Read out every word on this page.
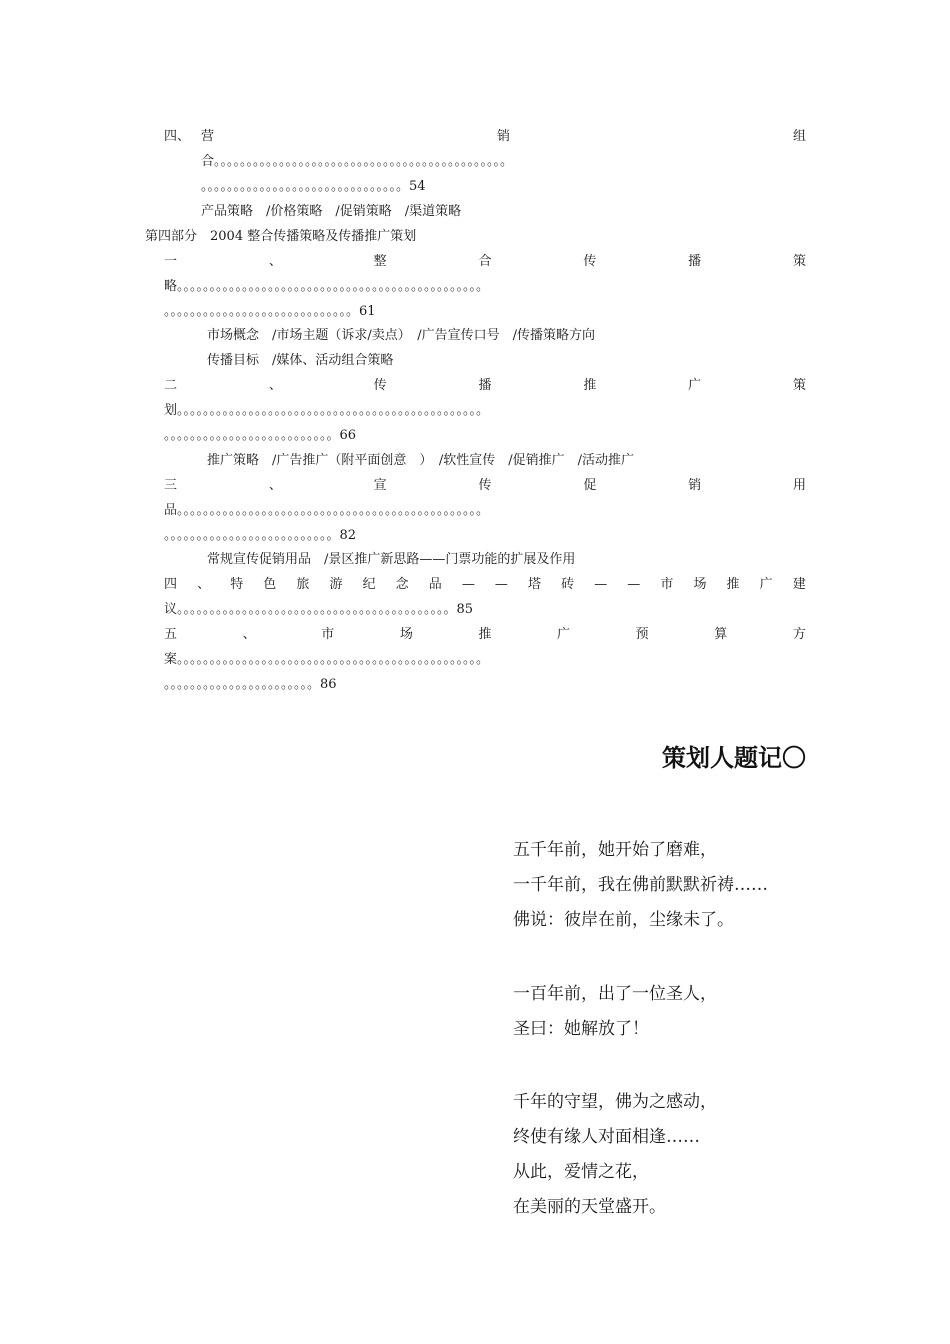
四、 营	销	组
合。。。。。。。。。。。。。。。。。。。。。。。。。。。。。。。。。。。。。。。。。。。。。
。。。。。。。。。。。。。。。。。。。。。。。。。。。。。。。54
产品策略　/价格策略　/促销策略　/渠道策略
第四部分　2004 整合传播策略及传播推广策划
一	、	整	合	传	播	策
略。。。。。。。。。。。。。。。。。。。。。。。。。。。。。。。。。。。。。。。。。。。。。。。
。。。。。。。。。。。。。。。。。。。。。。。。。。。。。61
市场概念　/市场主题（诉求/卖点）　/广告宣传口号　/传播策略方向
传播目标　/媒体、活动组合策略
二	、	传	播	推	广	策
划。。。。。。。。。。。。。。。。。。。。。。。。。。。。。。。。。。。。。。。。。。。。。。。
。。。。。。。。。。。。。。。。。。。。。。。。。。66
推广策略　/广告推广（附平面创意　）　/软性宣传　/促销推广　/活动推广
三	、	宣	传	促	销	用
品。。。。。。。。。。。。。。。。。。。。。。。。。。。。。。。。。。。。。。。。。。。。。。。
。。。。。。。。。。。。。。。。。。。。。。。。。。82
常规宣传促销用品　/景区推广新思路——门票功能的扩展及作用
四 、 特 色 旅 游 纪 念 品 — — 塔 砖 — — 市 场 推 广 建
议。。。。。。。。。。。。。。。。。。。。。。。。。。。。。。。。。。。。。。。。。。85
五	、	市	场	推	广	预	算	方
案。。。。。。。。。。。。。。。。。。。。。。。。。。。。。。。。。。。。。。。。。。。。。。。
。。。。。。。。。。。。。。。。。。。。。。。86
策划人题记〇
五千年前，她开始了磨难，
一千年前，我在佛前默默祈祷……
佛说：彼岸在前，尘缘未了。
一百年前，出了一位圣人，
圣曰：她解放了！
千年的守望，佛为之感动，
终使有缘人对面相逢……
从此，爱情之花，
在美丽的天堂盛开。
